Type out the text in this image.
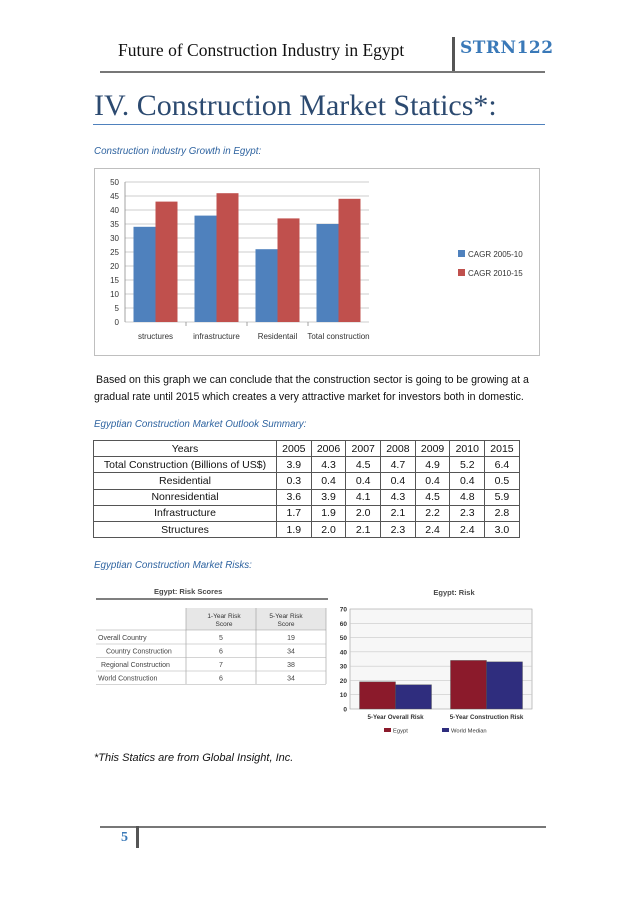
Future of Construction Industry in Egypt	STRN122
IV. Construction Market Statics*:
Construction industry Growth in Egypt:
0
5
10
15
20
25
30
35
40
45
50
structures	infrastructure Residentail Total construction
CAGR 2005-10
CAGR 2010-15
Based on this graph we can conclude that the construction sector is going to be growing at a
gradual rate until 2015 which creates a very attractive market for investors both in domestic.
Egyptian Construction Market Outlook Summary:
Years	2005	2006	2007	2008	2009	2010	2015
Total Construction (Billions of US$)	3.9	4.3	4.5	4.7	4.9	5.2	6.4
Residential	0.3	0.4	0.4	0.4	0.4	0.4	0.5
Nonresidential	3.6	3.9	4.1	4.3	4.5	4.8	5.9
Infrastructure	1.7	1.9	2.0	2.1	2.2	2.3	2.8
Structures	1.9	2.0	2.1	2.3	2.4	2.4	3.0
Egyptian Construction Market Risks:
Egypt: Risk Scores
1-Year Risk Score
5-Year Risk Score
Overall Country	5	19
Country Construction	6	34
Regional Construction	7	38
World Construction	6	34
Egypt: Risk
0
10
20
30
40
50
60
70
5-Year Overall Risk	5-Year Construction Risk
Egypt	World Median
*This Statics are from Global Insight, Inc.
5
